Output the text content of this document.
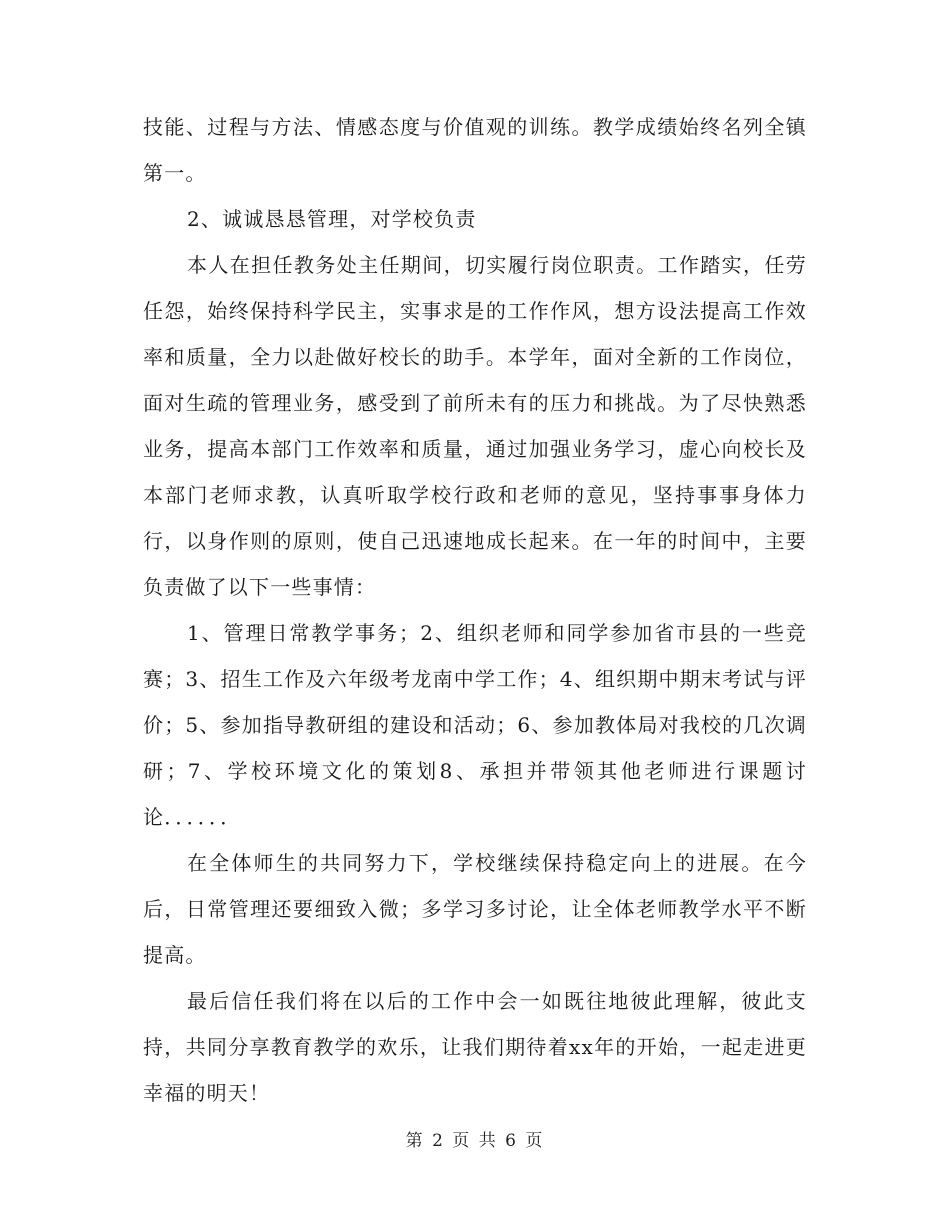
技能、过程与方法、情感态度与价值观的训练。教学成绩始终名列全镇第一。

2、诚诚恳恳管理，对学校负责

本人在担任教务处主任期间，切实履行岗位职责。工作踏实，任劳任怨，始终保持科学民主，实事求是的工作作风，想方设法提高工作效率和质量，全力以赴做好校长的助手。本学年，面对全新的工作岗位，面对生疏的管理业务，感受到了前所未有的压力和挑战。为了尽快熟悉业务，提高本部门工作效率和质量，通过加强业务学习，虚心向校长及本部门老师求教，认真听取学校行政和老师的意见，坚持事事身体力行，以身作则的原则，使自己迅速地成长起来。在一年的时间中，主要负责做了以下一些事情：

1、管理日常教学事务；2、组织老师和同学参加省市县的一些竞赛；3、招生工作及六年级考龙南中学工作；4、组织期中期末考试与评价；5、参加指导教研组的建设和活动；6、参加教体局对我校的几次调研；7、学校环境文化的策划8、承担并带领其他老师进行课题讨论．．．．．．

在全体师生的共同努力下，学校继续保持稳定向上的进展。在今后，日常管理还要细致入微；多学习多讨论，让全体老师教学水平不断提高。

最后信任我们将在以后的工作中会一如既往地彼此理解，彼此支持，共同分享教育教学的欢乐，让我们期待着xx年的开始，一起走进更幸福的明天！

第 2 页 共 6 页
